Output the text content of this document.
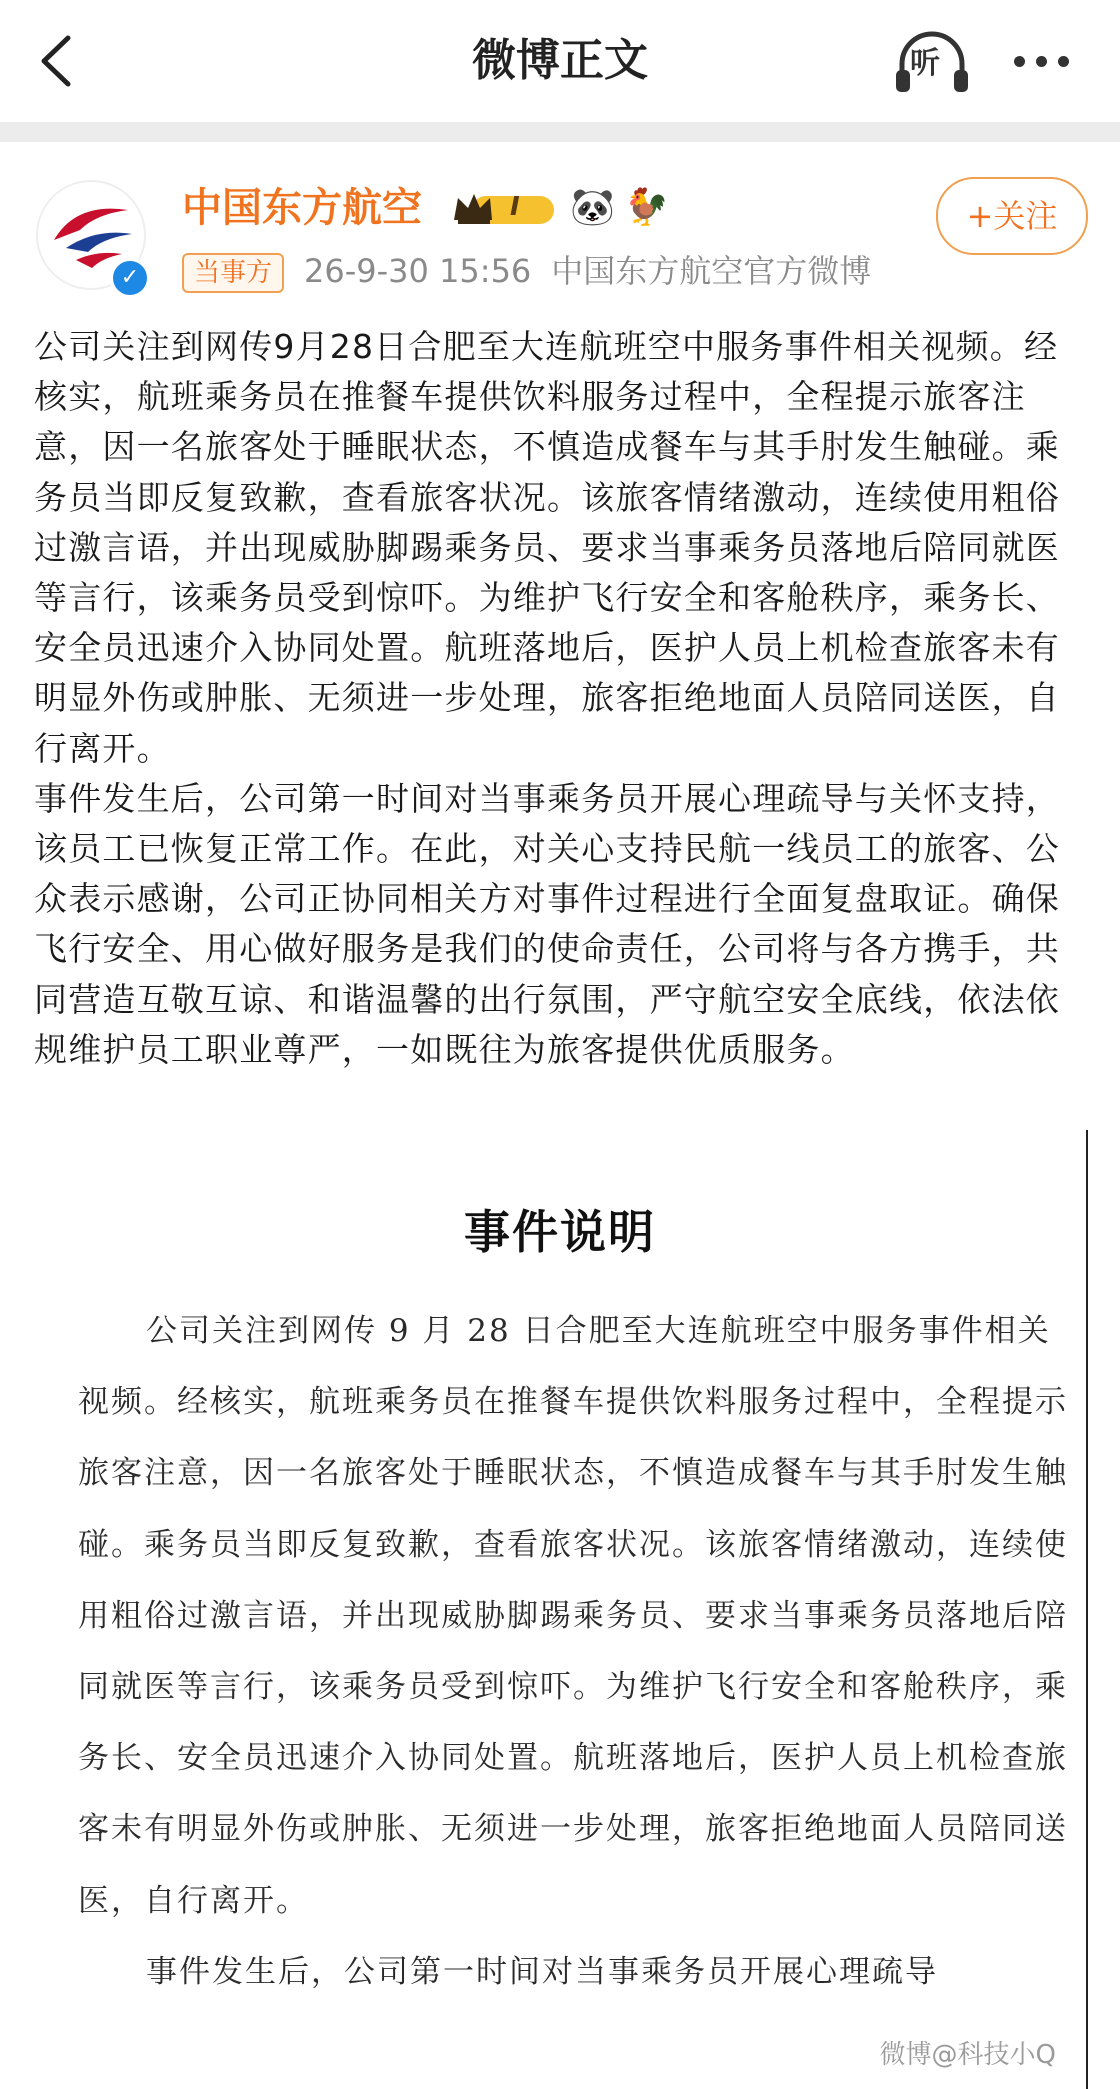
微博正文	听
✓
中国东方航空	I 🐼 🐓
当事方 26-9-30 15:56 中国东方航空官方微博
+关注

公司关注到网传9月28日合肥至大连航班空中服务事件相关视频。经核实，航班乘务员在推餐车提供饮料服务过程中，全程提示旅客注意，因一名旅客处于睡眠状态，不慎造成餐车与其手肘发生触碰。乘务员当即反复致歉，查看旅客状况。该旅客情绪激动，连续使用粗俗过激言语，并出现威胁脚踢乘务员、要求当事乘务员落地后陪同就医等言行，该乘务员受到惊吓。为维护飞行安全和客舱秩序，乘务长、安全员迅速介入协同处置。航班落地后，医护人员上机检查旅客未有明显外伤或肿胀、无须进一步处理，旅客拒绝地面人员陪同送医，自行离开。

事件发生后，公司第一时间对当事乘务员开展心理疏导与关怀支持，该员工已恢复正常工作。在此，对关心支持民航一线员工的旅客、公众表示感谢，公司正协同相关方对事件过程进行全面复盘取证。确保飞行安全、用心做好服务是我们的使命责任，公司将与各方携手，共同营造互敬互谅、和谐温馨的出行氛围，严守航空安全底线，依法依规维护员工职业尊严，一如既往为旅客提供优质服务。

事件说明

公司关注到网传 9 月 28 日合肥至大连航班空中服务事件相关视频。经核实，航班乘务员在推餐车提供饮料服务过程中，全程提示旅客注意，因一名旅客处于睡眠状态，不慎造成餐车与其手肘发生触碰。乘务员当即反复致歉，查看旅客状况。该旅客情绪激动，连续使用粗俗过激言语，并出现威胁脚踢乘务员、要求当事乘务员落地后陪同就医等言行，该乘务员受到惊吓。为维护飞行安全和客舱秩序，乘务长、安全员迅速介入协同处置。航班落地后，医护人员上机检查旅客未有明显外伤或肿胀、无须进一步处理，旅客拒绝地面人员陪同送医，自行离开。

事件发生后，公司第一时间对当事乘务员开展心理疏导

微博@科技小Q
